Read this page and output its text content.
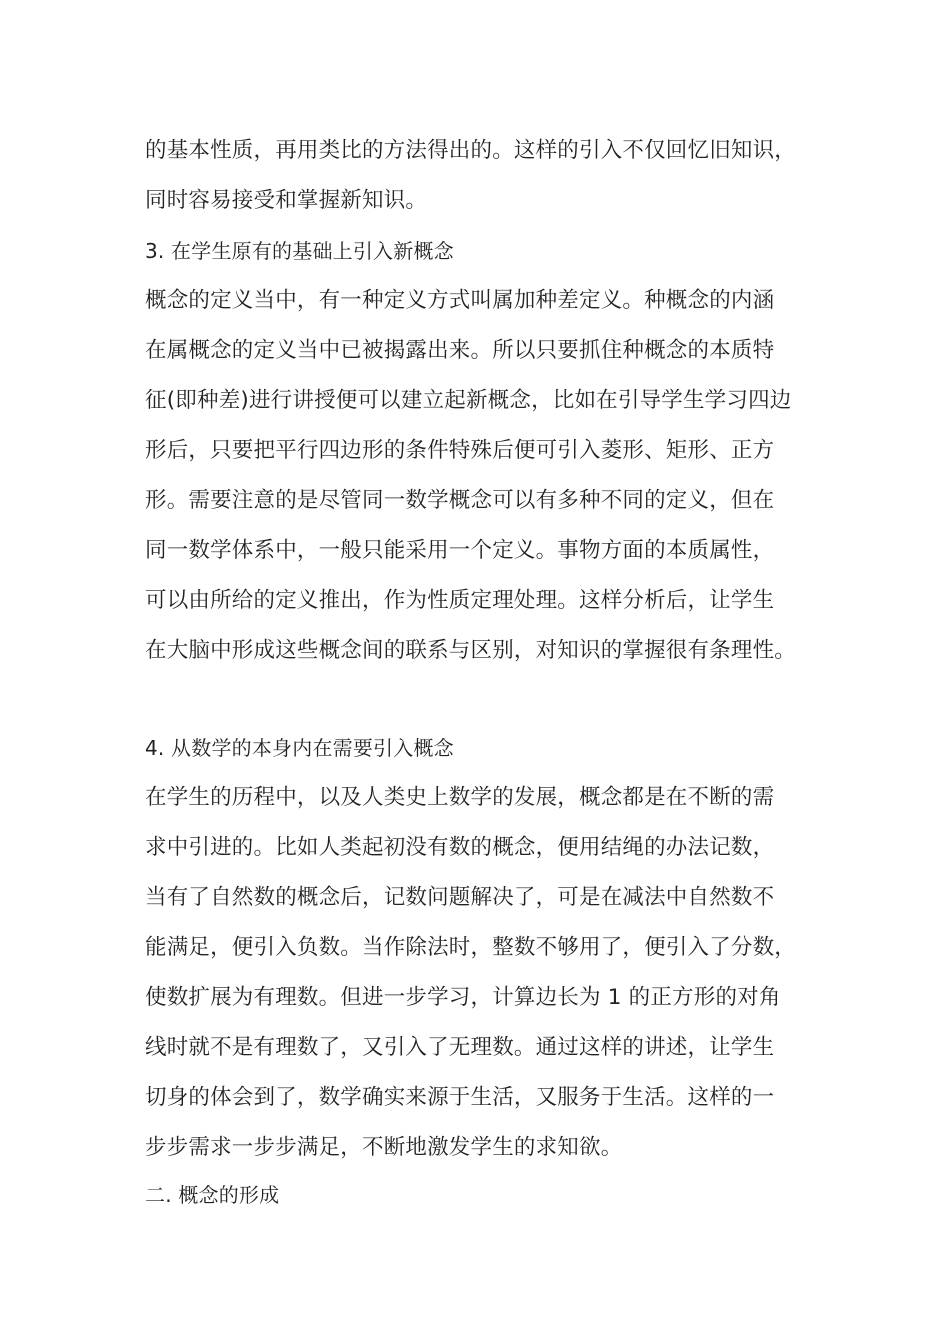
的基本性质，再用类比的方法得出的。这样的引入不仅回忆旧知识，

同时容易接受和掌握新知识。

3. 在学生原有的基础上引入新概念

概念的定义当中，有一种定义方式叫属加种差定义。种概念的内涵

在属概念的定义当中已被揭露出来。所以只要抓住种概念的本质特

征(即种差)进行讲授便可以建立起新概念，比如在引导学生学习四边

形后，只要把平行四边形的条件特殊后便可引入菱形、矩形、正方

形。需要注意的是尽管同一数学概念可以有多种不同的定义，但在

同一数学体系中，一般只能采用一个定义。事物方面的本质属性，

可以由所给的定义推出，作为性质定理处理。这样分析后，让学生

在大脑中形成这些概念间的联系与区别，对知识的掌握很有条理性。

4. 从数学的本身内在需要引入概念

在学生的历程中，以及人类史上数学的发展，概念都是在不断的需

求中引进的。比如人类起初没有数的概念，便用结绳的办法记数，

当有了自然数的概念后，记数问题解决了，可是在减法中自然数不

能满足，便引入负数。当作除法时，整数不够用了，便引入了分数，

使数扩展为有理数。但进一步学习，计算边长为 1 的正方形的对角

线时就不是有理数了，又引入了无理数。通过这样的讲述，让学生

切身的体会到了，数学确实来源于生活，又服务于生活。这样的一

步步需求一步步满足，不断地激发学生的求知欲。

二. 概念的形成
